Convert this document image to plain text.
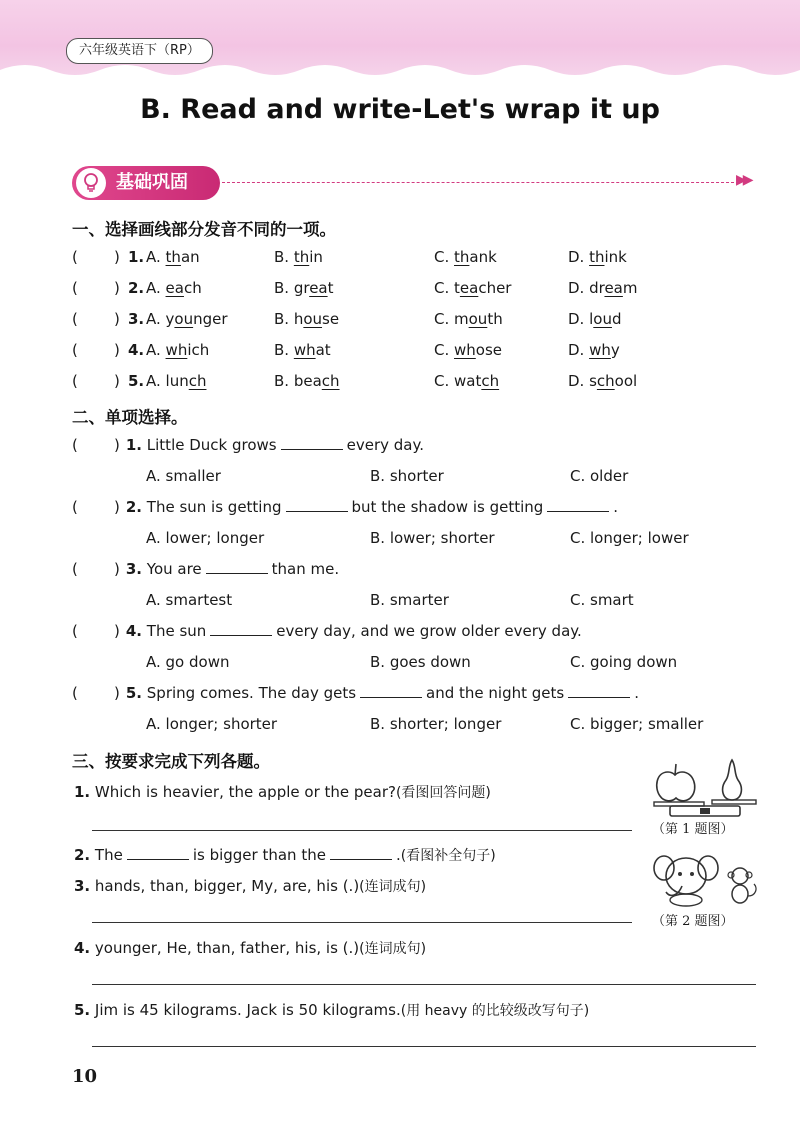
六年级英语下（RP）
B. Read and write-Let's wrap it up
基础巩固	▶▶
一、选择画线部分发音不同的一项。
( ) 1. A. than	B. thin	C. thank	D. think
( ) 2. A. each	B. great	C. teacher	D. dream
( ) 3. A. younger	B. house	C. mouth	D. loud
( ) 4. A. which	B. what	C. whose	D. why
( ) 5. A. lunch	B. beach	C. watch	D. school
二、单项选择。
( ) 1. Little Duck grows	every day.
A. smaller	B. shorter	C. older
( ) 2. The sun is getting	but the shadow is getting	.
A. lower; longer	B. lower; shorter	C. longer; lower
( ) 3. You are	than me.
A. smartest	B. smarter	C. smart
( ) 4. The sun	every day, and we grow older every day.
A. go down	B. goes down	C. going down
( ) 5. Spring comes. The day gets	and the night gets	.
A. longer; shorter	B. shorter; longer	C. bigger; smaller
三、按要求完成下列各题。
1. Which is heavier, the apple or the pear?(看图回答问题)
2. The	is bigger than the	.(看图补全句子)
3. hands, than, bigger, My, are, his (.)(连词成句)
4. younger, He, than, father, his, is (.)(连词成句)
5. Jim is 45 kilograms. Jack is 50 kilograms.(用 heavy 的比较级改写句子)
（第 1 题图）
（第 2 题图）
10
